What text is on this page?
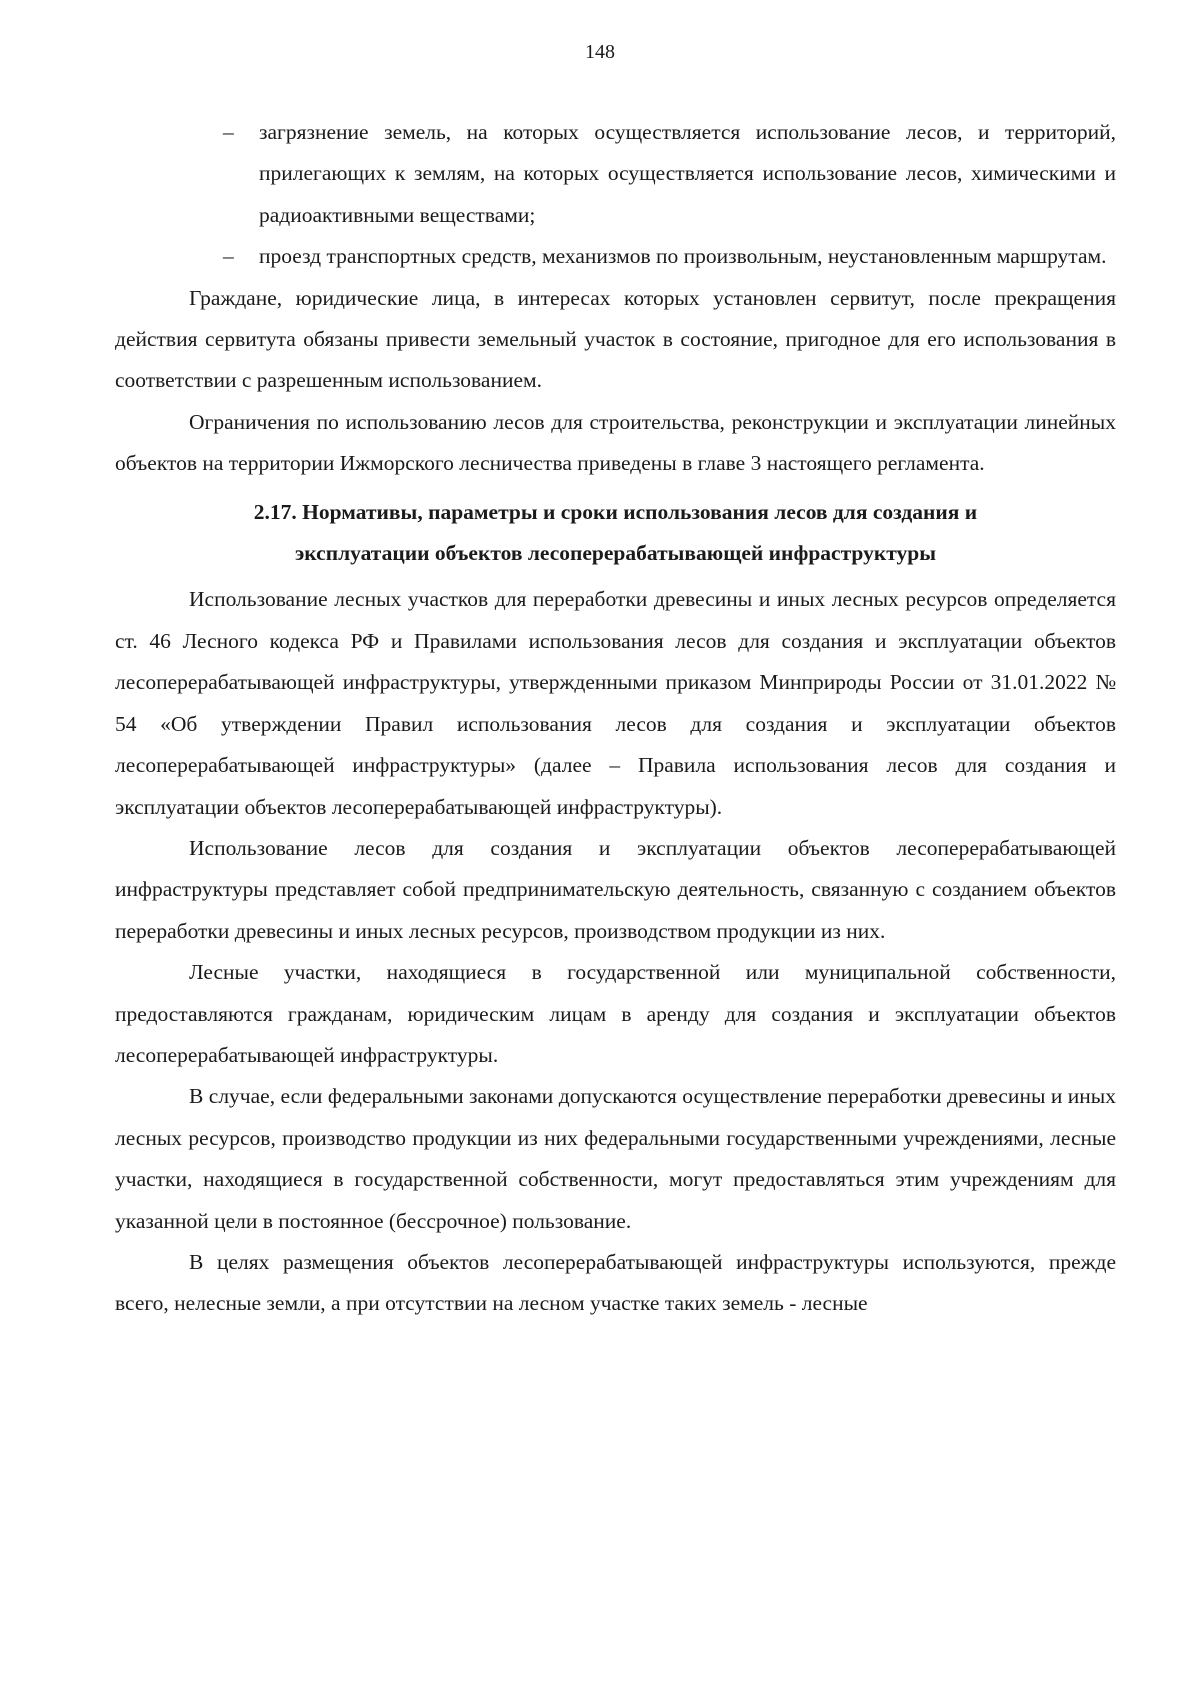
148
– загрязнение земель, на которых осуществляется использование лесов, и территорий, прилегающих к землям, на которых осуществляется использование лесов, химическими и радиоактивными веществами;
– проезд транспортных средств, механизмов по произвольным, неустановленным маршрутам.

Граждане, юридические лица, в интересах которых установлен сервитут, после прекращения действия сервитута обязаны привести земельный участок в состояние, пригодное для его использования в соответствии с разрешенным использованием.

Ограничения по использованию лесов для строительства, реконструкции и эксплуатации линейных объектов на территории Ижморского лесничества приведены в главе 3 настоящего регламента.

2.17. Нормативы, параметры и сроки использования лесов для создания и
эксплуатации объектов лесоперерабатывающей инфраструктуры

Использование лесных участков для переработки древесины и иных лесных ресурсов определяется ст. 46 Лесного кодекса РФ и Правилами использования лесов для создания и эксплуатации объектов лесоперерабатывающей инфраструктуры, утвержденными приказом Минприроды России от 31.01.2022 № 54 «Об утверждении Правил использования лесов для создания и эксплуатации объектов лесоперерабатывающей инфраструктуры» (далее – Правила использования лесов для создания и эксплуатации объектов лесоперерабатывающей инфраструктуры).

Использование лесов для создания и эксплуатации объектов лесоперерабатывающей инфраструктуры представляет собой предпринимательскую деятельность, связанную с созданием объектов переработки древесины и иных лесных ресурсов, производством продукции из них.

Лесные участки, находящиеся в государственной или муниципальной собственности, предоставляются гражданам, юридическим лицам в аренду для создания и эксплуатации объектов лесоперерабатывающей инфраструктуры.

В случае, если федеральными законами допускаются осуществление переработки древесины и иных лесных ресурсов, производство продукции из них федеральными государственными учреждениями, лесные участки, находящиеся в государственной собственности, могут предоставляться этим учреждениям для указанной цели в постоянное (бессрочное) пользование.

В целях размещения объектов лесоперерабатывающей инфраструктуры используются, прежде всего, нелесные земли, а при отсутствии на лесном участке таких земель - лесные
